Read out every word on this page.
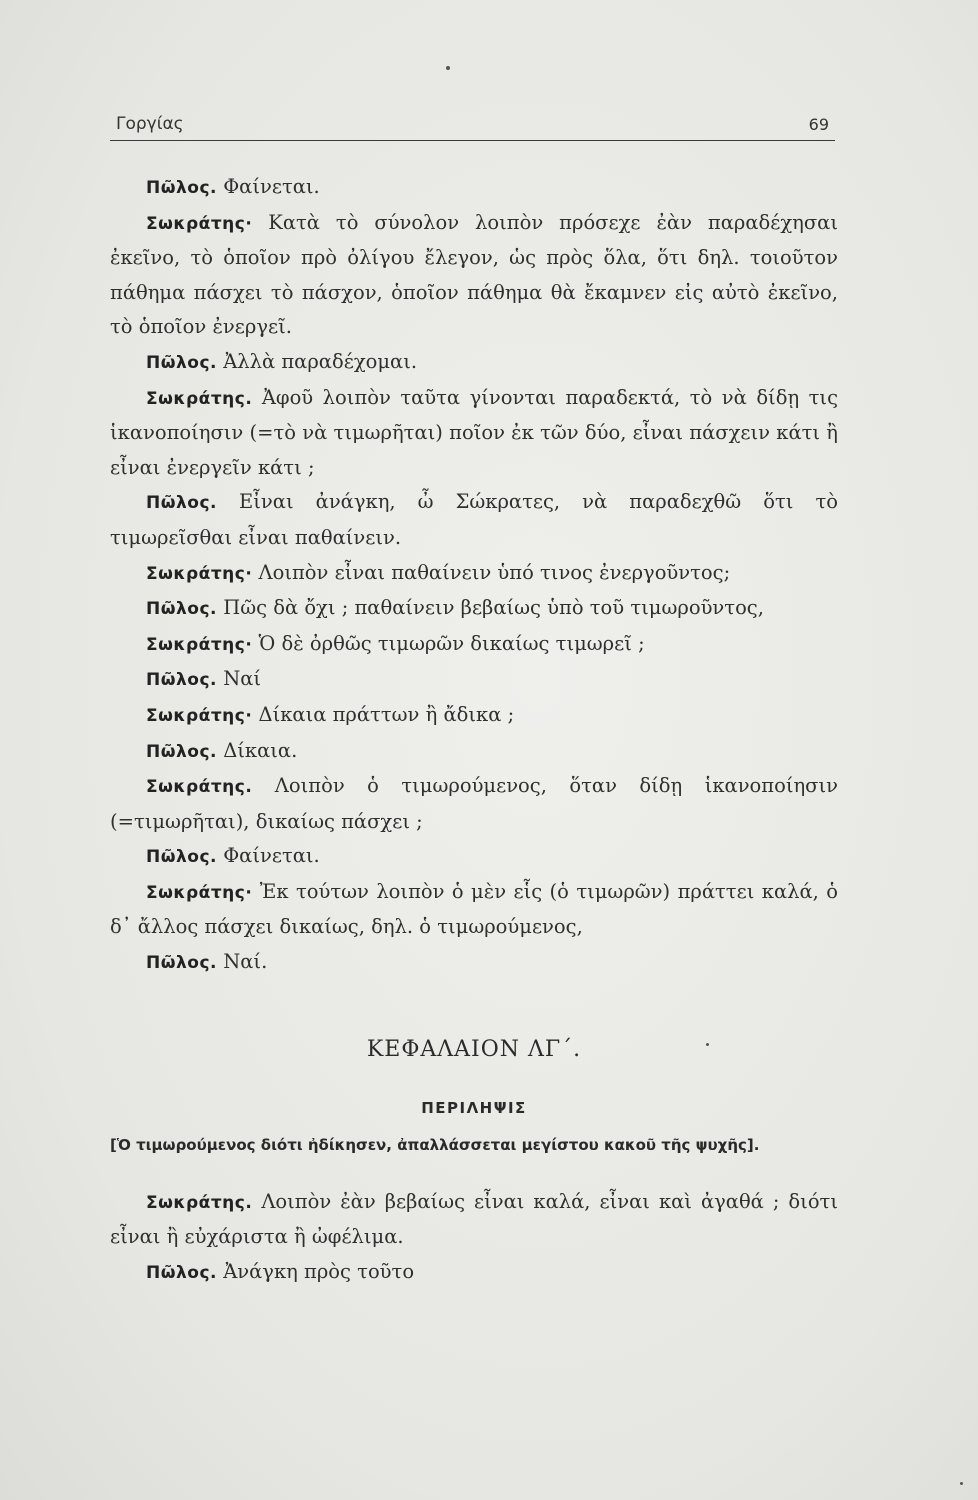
Γοργίας	69

Πῶλος. Φαίνεται.

Σωκράτης· Κατὰ τὸ σύνολον λοιπὸν πρόσεχε ἐὰν παραδέχησαι ἐκεῖνο, τὸ ὁποῖον πρὸ ὀλίγου ἔλεγον, ὡς πρὸς ὅλα, ὅτι δηλ. τοιοῦτον πάθημα πάσχει τὸ πάσχον, ὁποῖον πάθημα θὰ ἔκαμνεν εἰς αὐτὸ ἐκεῖνο, τὸ ὁποῖον ἐνεργεῖ.

Πῶλος. Ἀλλὰ παραδέχομαι.

Σωκράτης. Ἀφοῦ λοιπὸν ταῦτα γίνονται παραδεκτά, τὸ νὰ δίδῃ τις ἱκανοποίησιν (=τὸ νὰ τιμωρῆται) ποῖον ἐκ τῶν δύο, εἶναι πάσχειν κάτι ἢ εἶναι ἐνεργεῖν κάτι ;

Πῶλος. Εἶναι ἀνάγκη, ὦ Σώκρατες, νὰ παραδεχθῶ ὅτι τὸ τιμωρεῖσθαι εἶναι παθαίνειν.

Σωκράτης· Λοιπὸν εἶναι παθαίνειν ὑπό τινος ἐνεργοῦντος;

Πῶλος. Πῶς δὰ ὄχι ; παθαίνειν βεβαίως ὑπὸ τοῦ τιμωροῦντος,

Σωκράτης· Ὁ δὲ ὀρθῶς τιμωρῶν δικαίως τιμωρεῖ ;

Πῶλος. Ναί

Σωκράτης· Δίκαια πράττων ἢ ἄδικα ;

Πῶλος. Δίκαια.

Σωκράτης. Λοιπὸν ὁ τιμωρούμενος, ὅταν δίδῃ ἱκανοποίησιν (=τιμωρῆται), δικαίως πάσχει ;

Πῶλος. Φαίνεται.

Σωκράτης· Ἐκ τούτων λοιπὸν ὁ μὲν εἷς (ὁ τιμωρῶν) πράττει καλά, ὁ δ᾽ ἄλλος πάσχει δικαίως, δηλ. ὁ τιμωρούμενος,

Πῶλος. Ναί.

ΚΕΦΑΛΑΙΟΝ ΛΓ΄.
ΠΕΡΙΛΗΨΙΣ
[Ὁ τιμωρούμενος διότι ἠδίκησεν, ἀπαλλάσσεται μεγίστου κακοῦ τῆς ψυχῆς].

Σωκράτης. Λοιπὸν ἐὰν βεβαίως εἶναι καλά, εἶναι καὶ ἀγαθά ; διότι εἶναι ἢ εὐχάριστα ἢ ὠφέλιμα.

Πῶλος. Ἀνάγκη πρὸς τοῦτο
